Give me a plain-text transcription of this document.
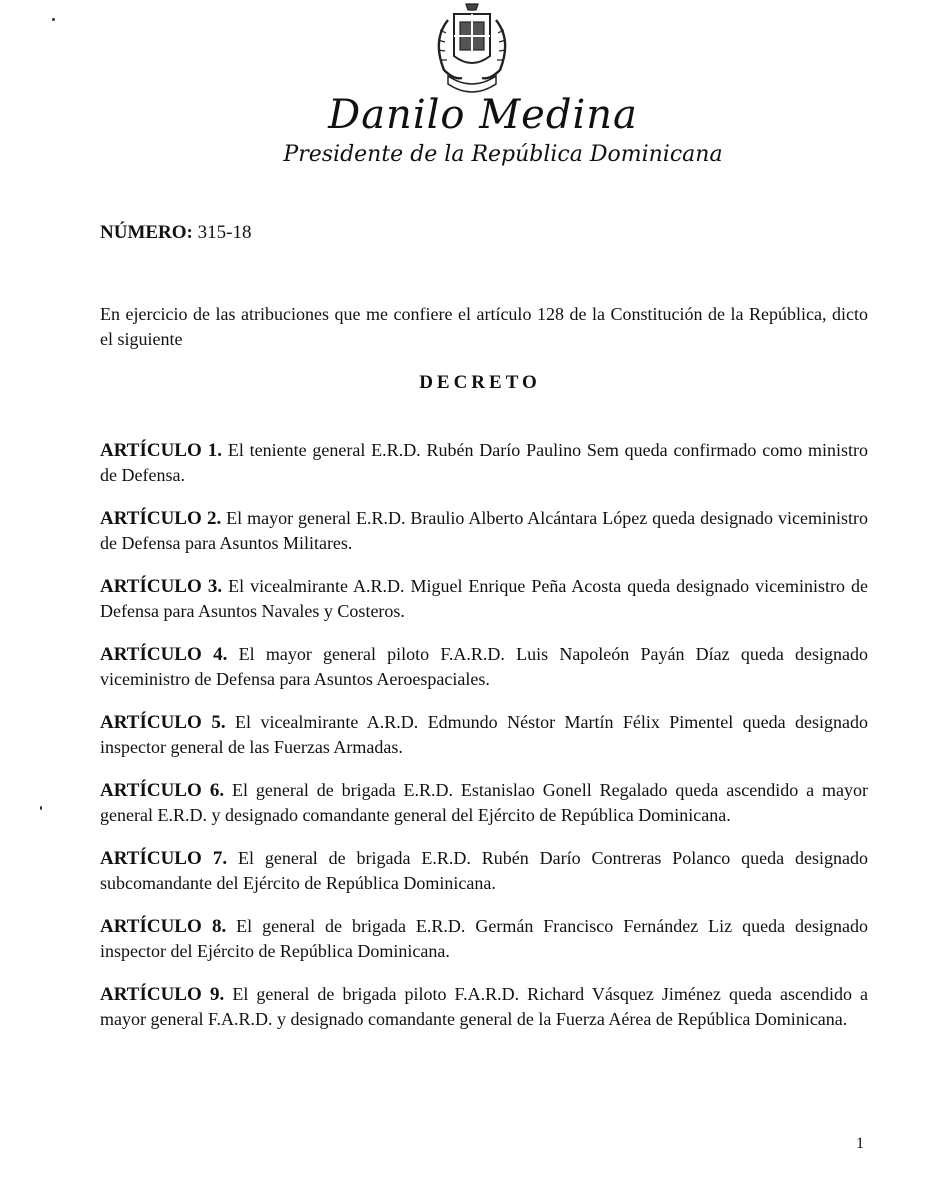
Danilo Medina
Presidente de la República Dominicana
NÚMERO: 315-18
En ejercicio de las atribuciones que me confiere el artículo 128 de la Constitución de la República, dicto el siguiente
DECRETO

ARTÍCULO 1. El teniente general E.R.D. Rubén Darío Paulino Sem queda confirmado como ministro de Defensa.

ARTÍCULO 2. El mayor general E.R.D. Braulio Alberto Alcántara López queda designado viceministro de Defensa para Asuntos Militares.

ARTÍCULO 3. El vicealmirante A.R.D. Miguel Enrique Peña Acosta queda designado viceministro de Defensa para Asuntos Navales y Costeros.

ARTÍCULO 4. El mayor general piloto F.A.R.D. Luis Napoleón Payán Díaz queda designado viceministro de Defensa para Asuntos Aeroespaciales.

ARTÍCULO 5. El vicealmirante A.R.D. Edmundo Néstor Martín Félix Pimentel queda designado inspector general de las Fuerzas Armadas.

ARTÍCULO 6. El general de brigada E.R.D. Estanislao Gonell Regalado queda ascendido a mayor general E.R.D. y designado comandante general del Ejército de República Dominicana.

ARTÍCULO 7. El general de brigada E.R.D. Rubén Darío Contreras Polanco queda designado subcomandante del Ejército de República Dominicana.

ARTÍCULO 8. El general de brigada E.R.D. Germán Francisco Fernández Liz queda designado inspector del Ejército de República Dominicana.

ARTÍCULO 9. El general de brigada piloto F.A.R.D. Richard Vásquez Jiménez queda ascendido a mayor general F.A.R.D. y designado comandante general de la Fuerza Aérea de República Dominicana.

1
